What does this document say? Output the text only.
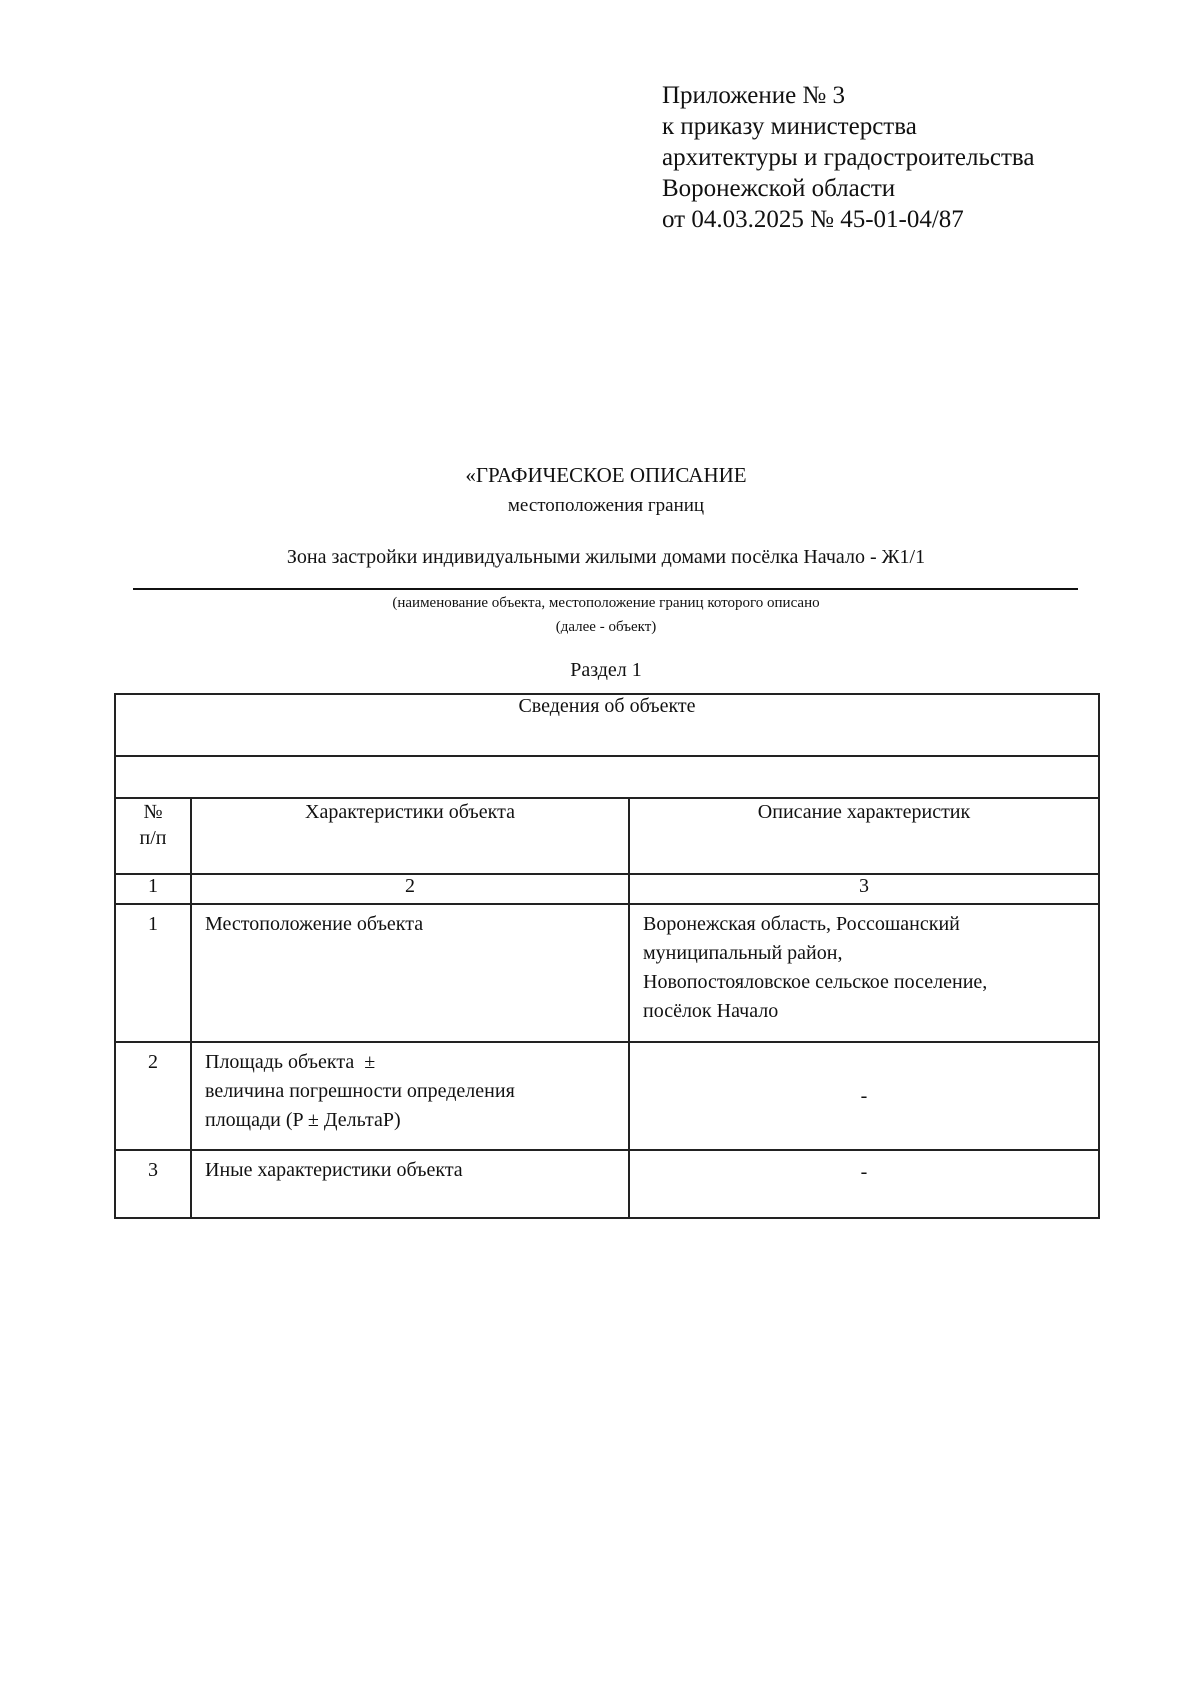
Приложение № 3
к приказу министерства
архитектуры и градостроительства
Воронежской области
от 04.03.2025 № 45-01-04/87
«ГРАФИЧЕСКОЕ ОПИСАНИЕ
местоположения границ
Зона застройки индивидуальными жилыми домами посёлка Начало - Ж1/1
(наименование объекта, местоположение границ которого описано
(далее - объект)
Раздел 1
Сведения об объекте		

№
п/п	Характеристики объекта	Описание характеристик
1	2	3
1	Местоположение объекта	Воронежская область, Россошанский
муниципальный район,
Новопостояловское сельское поселение,
посёлок Начало

2	Площадь объекта  ±
величина погрешности определения
площади (P ± ДельтаP)	-
3	Иные характеристики объекта	-
